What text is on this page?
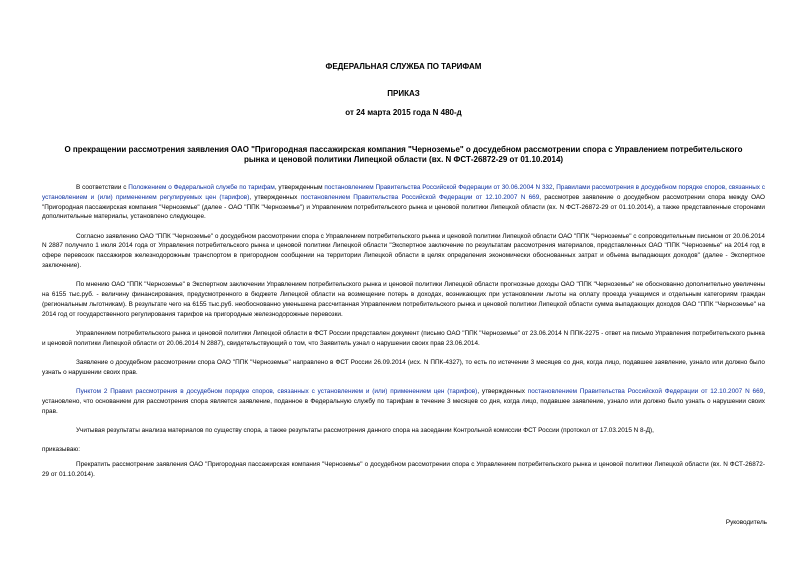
ФЕДЕРАЛЬНАЯ СЛУЖБА ПО ТАРИФАМ
ПРИКАЗ
от 24 марта 2015 года N 480-д
О прекращении рассмотрения заявления ОАО "Пригородная пассажирская компания "Черноземье" о досудебном рассмотрении спора с Управлением потребительского рынка и ценовой политики Липецкой области (вх. N ФСТ-26872-29 от 01.10.2014)

В соответствии с Положением о Федеральной службе по тарифам, утвержденным постановлением Правительства Российской Федерации от 30.06.2004 N 332, Правилами рассмотрения в досудебном порядке споров, связанных с установлением и (или) применением регулируемых цен (тарифов), утвержденных постановлением Правительства Российской Федерации от 12.10.2007 N 669, рассмотрев заявление о досудебном рассмотрении спора между ОАО "Пригородная пассажирская компания "Черноземье" (далее - ОАО "ППК "Черноземье") и Управлением потребительского рынка и ценовой политики Липецкой области (вх. N ФСТ-26872-29 от 01.10.2014), а также представленные сторонами дополнительные материалы, установлено следующее.

Согласно заявлению ОАО "ППК "Черноземье" о досудебном рассмотрении спора с Управлением потребительского рынка и ценовой политики Липецкой области ОАО "ППК "Черноземье" с сопроводительным письмом от 20.06.2014 N 2887 получило 1 июля 2014 года от Управления потребительского рынка и ценовой политики Липецкой области "Экспертное заключение по результатам рассмотрения материалов, представленных ОАО "ППК "Черноземье" на 2014 год в сфере перевозок пассажиров железнодорожным транспортом в пригородном сообщении на территории Липецкой области в целях определения экономически обоснованных затрат и объема выпадающих доходов" (далее - Экспертное заключение).

По мнению ОАО "ППК "Черноземье" в Экспертном заключении Управлением потребительского рынка и ценовой политики Липецкой области прогнозные доходы ОАО "ППК "Черноземье" не обоснованно дополнительно увеличены на 6155 тыс.руб. - величину финансирования, предусмотренного в бюджете Липецкой области на возмещение потерь в доходах, возникающих при установлении льготы на оплату проезда учащимся и отдельным категориям граждан (региональным льготникам). В результате чего на 6155 тыс.руб. необоснованно уменьшена рассчитанная Управлением потребительского рынка и ценовой политики Липецкой области сумма выпадающих доходов ОАО "ППК "Черноземье" на 2014 год от государственного регулирования тарифов на пригородные железнодорожные перевозки.

Управлением потребительского рынка и ценовой политики Липецкой области в ФСТ России представлен документ (письмо ОАО "ППК "Черноземье" от 23.06.2014 N ППК-2275 - ответ на письмо Управления потребительского рынка и ценовой политики Липецкой области от 20.06.2014 N 2887), свидетельствующий о том, что Заявитель узнал о нарушении своих прав 23.06.2014.

Заявление о досудебном рассмотрении спора ОАО "ППК "Черноземье" направлено в ФСТ России 26.09.2014 (исх. N ППК-4327), то есть по истечении 3 месяцев со дня, когда лицо, подавшее заявление, узнало или должно было узнать о нарушении своих прав.

Пунктом 2 Правил рассмотрения в досудебном порядке споров, связанных с установлением и (или) применением цен (тарифов), утвержденных постановлением Правительства Российской Федерации от 12.10.2007 N 669, установлено, что основанием для рассмотрения спора является заявление, поданное в Федеральную службу по тарифам в течение 3 месяцев со дня, когда лицо, подавшее заявление, узнало или должно было узнать о нарушении своих прав.

Учитывая результаты анализа материалов по существу спора, а также результаты рассмотрения данного спора на заседании Контрольной комиссии ФСТ России (протокол от 17.03.2015 N 8-Д),

приказываю:

Прекратить рассмотрение заявления ОАО "Пригородная пассажирская компания "Черноземье" о досудебном рассмотрении спора с Управлением потребительского рынка и ценовой политики Липецкой области (вх. N ФСТ-26872-29 от 01.10.2014).

Руководитель
